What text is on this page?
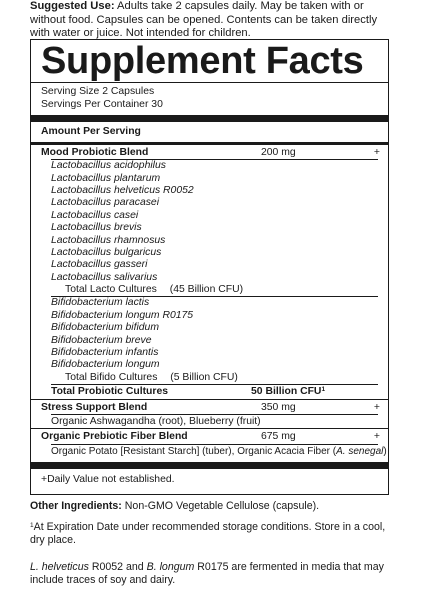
Suggested Use: Adults take 2 capsules daily. May be taken with or without food. Capsules can be opened. Contents can be taken directly with water or juice. Not intended for children.
Supplement Facts
Serving Size 2 Capsules
Servings Per Container 30
Amount Per Serving
Mood Probiotic Blend	200 mg	+
Lactobacillus acidophilus
Lactobacillus plantarum
Lactobacillus helveticus R0052
Lactobacillus paracasei
Lactobacillus casei
Lactobacillus brevis
Lactobacillus rhamnosus
Lactobacillus bulgaricus
Lactobacillus gasseri
Lactobacillus salivarius
Total Lacto Cultures (45 Billion CFU)
Bifidobacterium lactis
Bifidobacterium longum R0175
Bifidobacterium bifidum
Bifidobacterium breve
Bifidobacterium infantis
Bifidobacterium longum
Total Bifido Cultures (5 Billion CFU)
Total Probiotic Cultures	50 Billion CFU$^1$
Stress Support Blend	350 mg	+
Organic Ashwagandha (root), Blueberry (fruit)
Organic Prebiotic Fiber Blend	675 mg	+
Organic Potato [Resistant Starch] (tuber), Organic Acacia Fiber (A. senegal)
+Daily Value not established.
Other Ingredients: Non-GMO Vegetable Cellulose (capsule).
$^1$At Expiration Date under recommended storage conditions. Store in a cool, dry place.
L. helveticus R0052 and B. longum R0175 are fermented in media that may include traces of soy and dairy.
